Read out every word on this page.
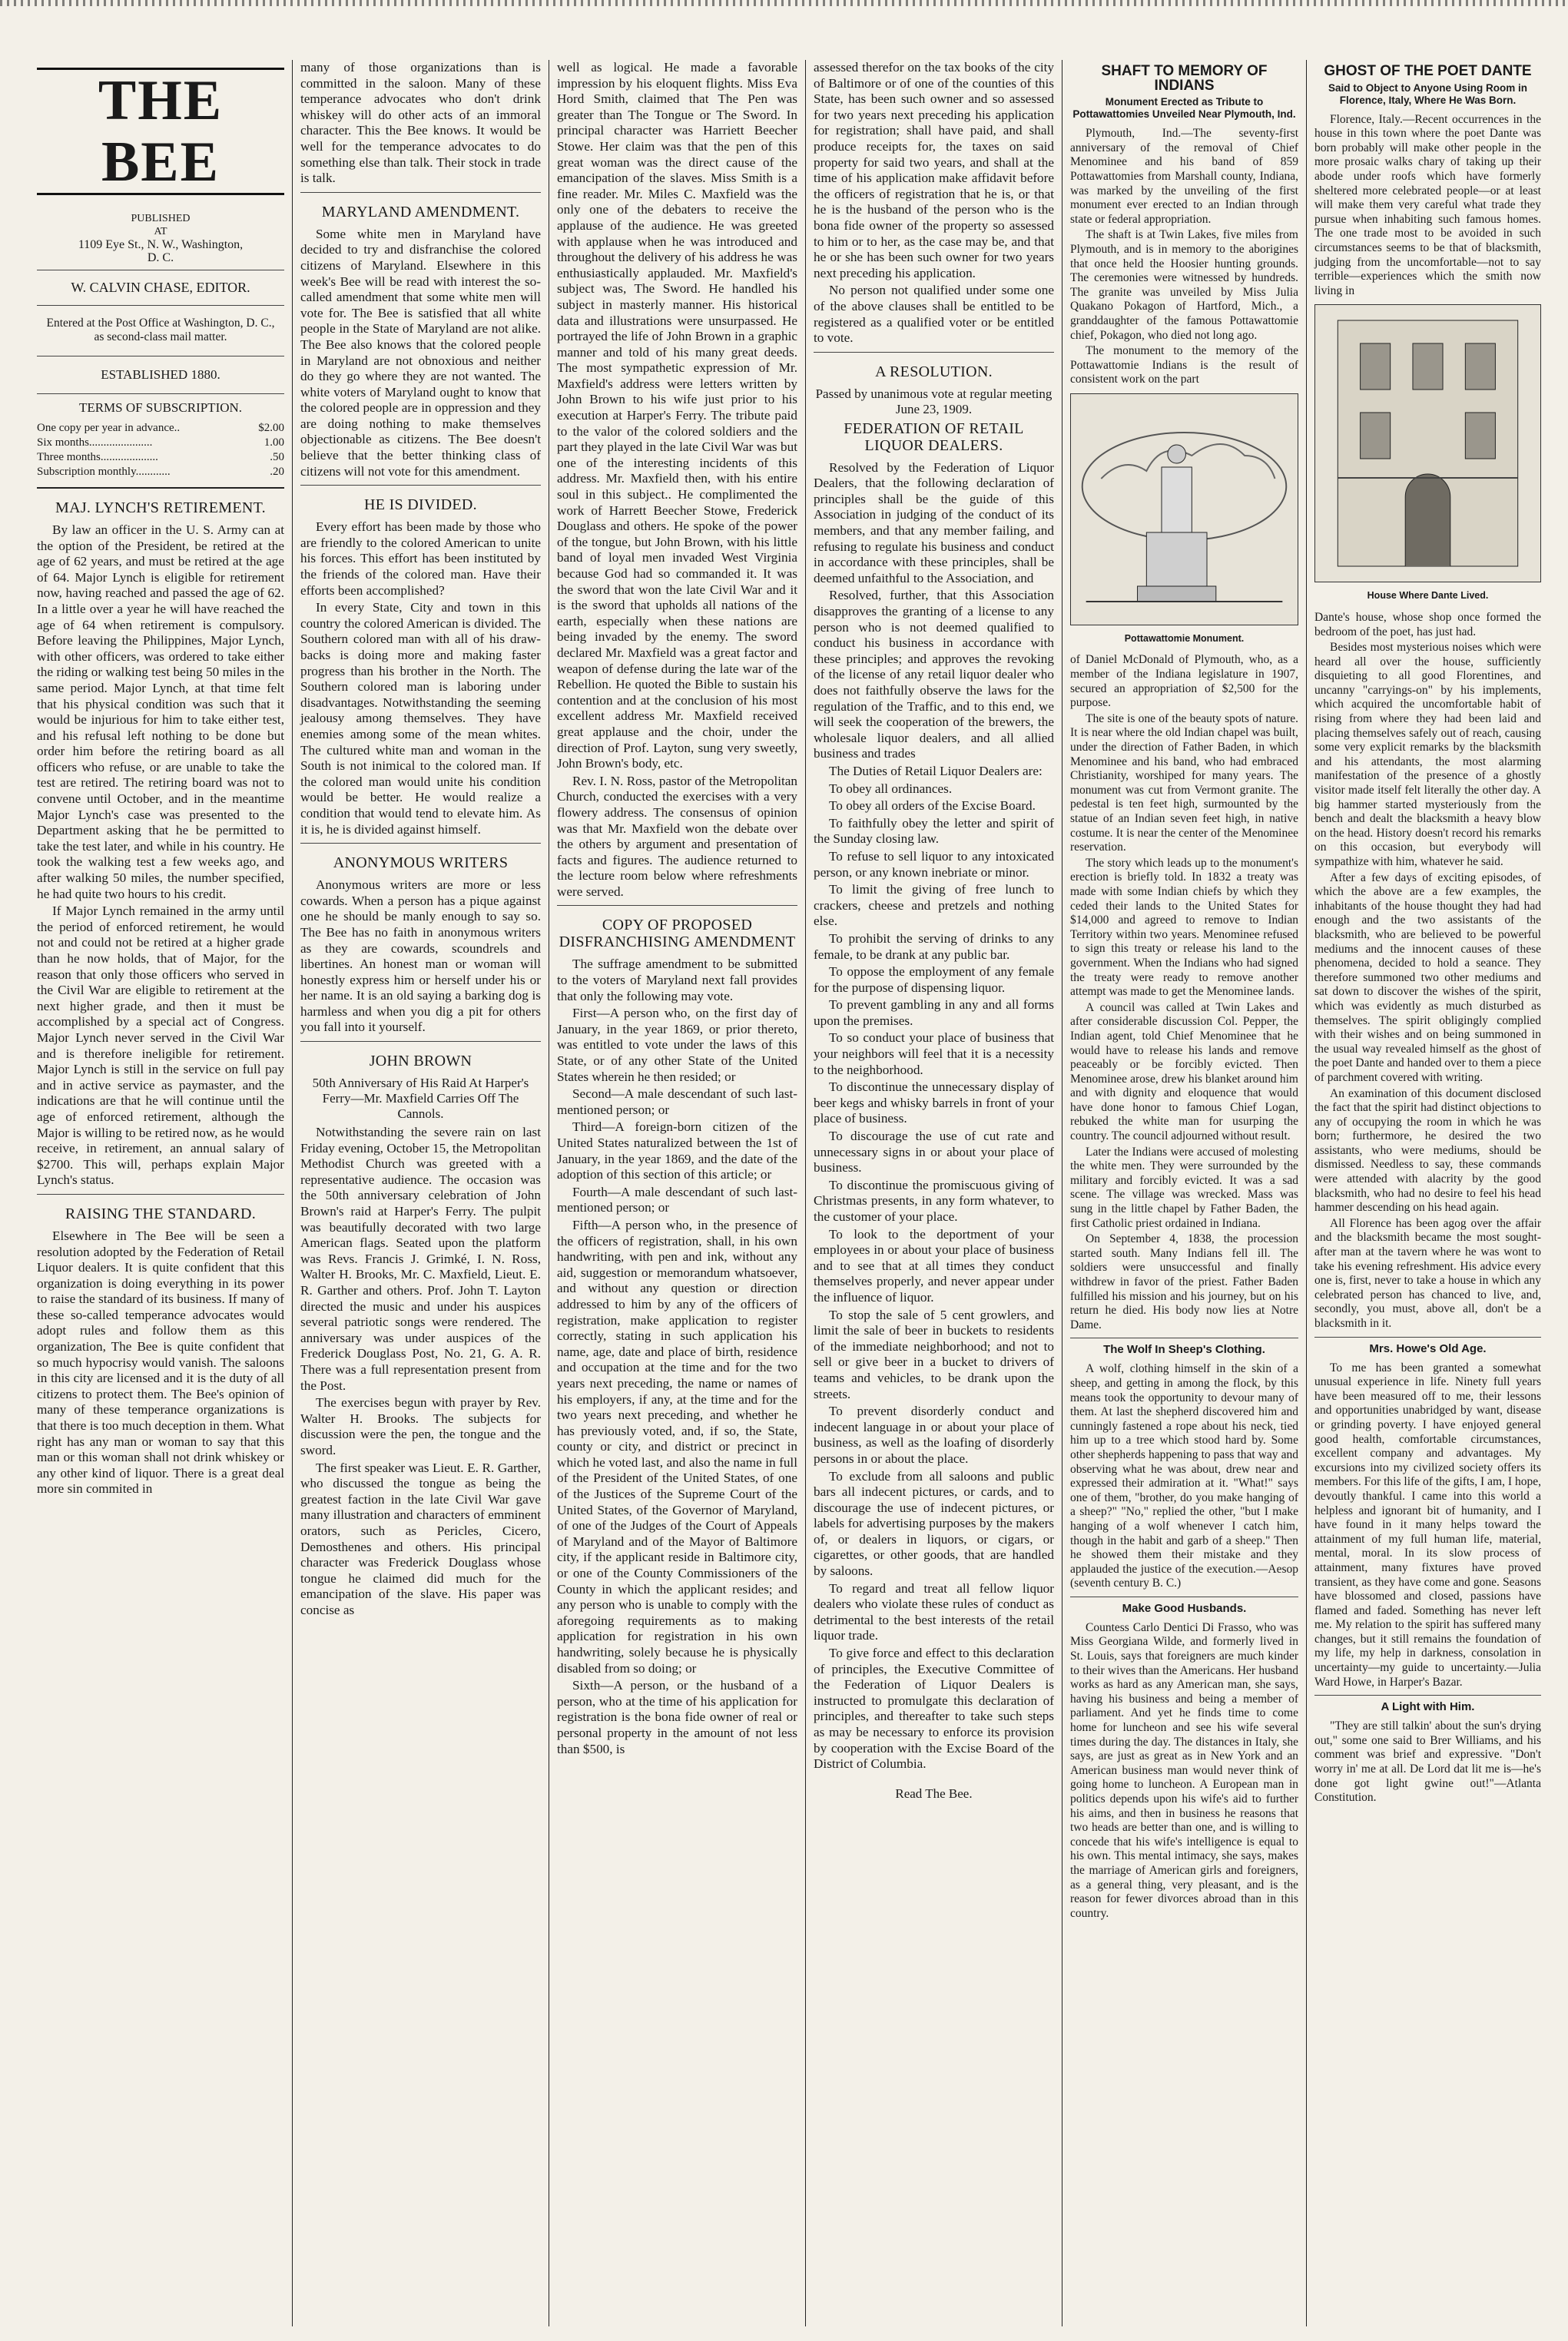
THE BEE
PUBLISHED
AT
1109 Eye St., N. W., Washington,
D. C.
W. CALVIN CHASE, EDITOR.
Entered at the Post Office at Washington, D. C., as second-class mail matter.
ESTABLISHED 1880.
TERMS OF SUBSCRIPTION.
One copy per year in advance..	$2.00
Six months......................	1.00
Three months....................	.50
Subscription monthly............	.20
MAJ. LYNCH'S RETIREMENT.

By law an officer in the U. S. Army can at the option of the President, be retired at the age of 62 years, and must be retired at the age of 64. Major Lynch is eligible for retirement now, having reached and passed the age of 62. In a little over a year he will have reached the age of 64 when retirement is compulsory. Before leaving the Philippines, Major Lynch, with other officers, was ordered to take either the riding or walking test being 50 miles in the same period. Major Lynch, at that time felt that his physical condition was such that it would be injurious for him to take either test, and his refusal left nothing to be done but order him before the retiring board as all officers who refuse, or are unable to take the test are retired. The retiring board was not to convene until October, and in the meantime Major Lynch's case was presented to the Department asking that he be permitted to take the test later, and while in his country. He took the walking test a few weeks ago, and after walking 50 miles, the number specified, he had quite two hours to his credit.

If Major Lynch remained in the army until the period of enforced retirement, he would not and could not be retired at a higher grade than he now holds, that of Major, for the reason that only those officers who served in the Civil War are eligible to retirement at the next higher grade, and then it must be accomplished by a special act of Congress. Major Lynch never served in the Civil War and is therefore ineligible for retirement. Major Lynch is still in the service on full pay and in active service as paymaster, and the indications are that he will continue until the age of enforced retirement, although the Major is willing to be retired now, as he would receive, in retirement, an annual salary of $2700. This will, perhaps explain Major Lynch's status.

RAISING THE STANDARD.

Elsewhere in The Bee will be seen a resolution adopted by the Federation of Retail Liquor dealers. It is quite confident that this organization is doing everything in its power to raise the standard of its business. If many of these so-called temperance advocates would adopt rules and follow them as this organization, The Bee is quite confident that so much hypocrisy would vanish. The saloons in this city are licensed and it is the duty of all citizens to protect them. The Bee's opinion of many of these temperance organizations is that there is too much deception in them. What right has any man or woman to say that this man or this woman shall not drink whiskey or any other kind of liquor. There is a great deal more sin commited in

many of those organizations than is committed in the saloon. Many of these temperance advocates who don't drink whiskey will do other acts of an immoral character. This the Bee knows. It would be well for the temperance advocates to do something else than talk. Their stock in trade is talk.

MARYLAND AMENDMENT.

Some white men in Maryland have decided to try and disfranchise the colored citizens of Maryland. Elsewhere in this week's Bee will be read with interest the so-called amendment that some white men will vote for. The Bee is satisfied that all white people in the State of Maryland are not alike. The Bee also knows that the colored people in Maryland are not obnoxious and neither do they go where they are not wanted. The white voters of Maryland ought to know that the colored people are in oppression and they are doing nothing to make themselves objectionable as citizens. The Bee doesn't believe that the better thinking class of citizens will not vote for this amendment.

HE IS DIVIDED.

Every effort has been made by those who are friendly to the colored American to unite his forces. This effort has been instituted by the friends of the colored man. Have their efforts been accomplished?

In every State, City and town in this country the colored American is divided. The Southern colored man with all of his draw-backs is doing more and making faster progress than his brother in the North. The Southern colored man is laboring under disadvantages. Notwithstanding the seeming jealousy among themselves. They have enemies among some of the mean whites. The cultured white man and woman in the South is not inimical to the colored man. If the colored man would unite his condition would be better. He would realize a condition that would tend to elevate him. As it is, he is divided against himself.

ANONYMOUS WRITERS

Anonymous writers are more or less cowards. When a person has a pique against one he should be manly enough to say so. The Bee has no faith in anonymous writers as they are cowards, scoundrels and libertines. An honest man or woman will honestly express him or herself under his or her name. It is an old saying a barking dog is harmless and when you dig a pit for others you fall into it yourself.

JOHN BROWN
50th Anniversary of His Raid At Harper's Ferry—Mr. Maxfield Carries Off The Cannols.

Notwithstanding the severe rain on last Friday evening, October 15, the Metropolitan Methodist Church was greeted with a representative audience. The occasion was the 50th anniversary celebration of John Brown's raid at Harper's Ferry. The pulpit was beautifully decorated with two large American flags. Seated upon the platform was Revs. Francis J. Grimké, I. N. Ross, Walter H. Brooks, Mr. C. Maxfield, Lieut. E. R. Garther and others. Prof. John T. Layton directed the music and under his auspices several patriotic songs were rendered. The anniversary was under auspices of the Frederick Douglass Post, No. 21, G. A. R. There was a full representation present from the Post.

The exercises begun with prayer by Rev. Walter H. Brooks. The subjects for discussion were the pen, the tongue and the sword.

The first speaker was Lieut. E. R. Garther, who discussed the tongue as being the greatest faction in the late Civil War gave many illustration and characters of emminent orators, such as Pericles, Cicero, Demosthenes and others. His principal character was Frederick Douglass whose tongue he claimed did much for the emancipation of the slave. His paper was concise as

well as logical. He made a favorable impression by his eloquent flights. Miss Eva Hord Smith, claimed that The Pen was greater than The Tongue or The Sword. In principal character was Harriett Beecher Stowe. Her claim was that the pen of this great woman was the direct cause of the emancipation of the slaves. Miss Smith is a fine reader. Mr. Miles C. Maxfield was the only one of the debaters to receive the applause of the audience. He was greeted with applause when he was introduced and throughout the delivery of his address he was enthusiastically applauded. Mr. Maxfield's subject was, The Sword. He handled his subject in masterly manner. His historical data and illustrations were unsurpassed. He portrayed the life of John Brown in a graphic manner and told of his many great deeds. The most sympathetic expression of Mr. Maxfield's address were letters written by John Brown to his wife just prior to his execution at Harper's Ferry. The tribute paid to the valor of the colored soldiers and the part they played in the late Civil War was but one of the interesting incidents of this address. Mr. Maxfield then, with his entire soul in this subject.. He complimented the work of Harrett Beecher Stowe, Frederick Douglass and others. He spoke of the power of the tongue, but John Brown, with his little band of loyal men invaded West Virginia because God had so commanded it. It was the sword that won the late Civil War and it is the sword that upholds all nations of the earth, especially when these nations are being invaded by the enemy. The sword declared Mr. Maxfield was a great factor and weapon of defense during the late war of the Rebellion. He quoted the Bible to sustain his contention and at the conclusion of his most excellent address Mr. Maxfield received great applause and the choir, under the direction of Prof. Layton, sung very sweetly, John Brown's body, etc.

Rev. I. N. Ross, pastor of the Metropolitan Church, conducted the exercises with a very flowery address. The consensus of opinion was that Mr. Maxfield won the debate over the others by argument and presentation of facts and figures. The audience returned to the lecture room below where refreshments were served.

COPY OF PROPOSED DISFRANCHISING AMENDMENT

The suffrage amendment to be submitted to the voters of Maryland next fall provides that only the following may vote.

First—A person who, on the first day of January, in the year 1869, or prior thereto, was entitled to vote under the laws of this State, or of any other State of the United States wherein he then resided; or

Second—A male descendant of such last-mentioned person; or

Third—A foreign-born citizen of the United States naturalized between the 1st of January, in the year 1869, and the date of the adoption of this section of this article; or

Fourth—A male descendant of such last-mentioned person; or

Fifth—A person who, in the presence of the officers of registration, shall, in his own handwriting, with pen and ink, without any aid, suggestion or memorandum whatsoever, and without any question or direction addressed to him by any of the officers of registration, make application to register correctly, stating in such application his name, age, date and place of birth, residence and occupation at the time and for the two years next preceding, the name or names of his employers, if any, at the time and for the two years next preceding, and whether he has previously voted, and, if so, the State, county or city, and district or precinct in which he voted last, and also the name in full of the President of the United States, of one of the Justices of the Supreme Court of the United States, of the Governor of Maryland, of one of the Judges of the Court of Appeals of Maryland and of the Mayor of Baltimore city, if the applicant reside in Baltimore city, or one of the County Commissioners of the County in which the applicant resides; and any person who is unable to comply with the aforegoing requirements as to making application for registration in his own handwriting, solely because he is physically disabled from so doing; or

Sixth—A person, or the husband of a person, who at the time of his application for registration is the bona fide owner of real or personal property in the amount of not less than $500, is

assessed therefor on the tax books of the city of Baltimore or of one of the counties of this State, has been such owner and so assessed for two years next preceding his application for registration; shall have paid, and shall produce receipts for, the taxes on said property for said two years, and shall at the time of his application make affidavit before the officers of registration that he is, or that he is the husband of the person who is the bona fide owner of the property so assessed to him or to her, as the case may be, and that he or she has been such owner for two years next preceding his application.

No person not qualified under some one of the above clauses shall be entitled to be registered as a qualified voter or be entitled to vote.

A RESOLUTION.
Passed by unanimous vote at regular meeting June 23, 1909.
FEDERATION OF RETAIL LIQUOR DEALERS.

Resolved by the Federation of Liquor Dealers, that the following declaration of principles shall be the guide of this Association in judging of the conduct of its members, and that any member failing, and refusing to regulate his business and conduct in accordance with these principles, shall be deemed unfaithful to the Association, and

Resolved, further, that this Association disapproves the granting of a license to any person who is not deemed qualified to conduct his business in accordance with these principles; and approves the revoking of the license of any retail liquor dealer who does not faithfully observe the laws for the regulation of the Traffic, and to this end, we will seek the cooperation of the brewers, the wholesale liquor dealers, and all allied business and trades

The Duties of Retail Liquor Dealers are:

To obey all ordinances.

To obey all orders of the Excise Board.

To faithfully obey the letter and spirit of the Sunday closing law.

To refuse to sell liquor to any intoxicated person, or any known inebriate or minor.

To limit the giving of free lunch to crackers, cheese and pretzels and nothing else.

To prohibit the serving of drinks to any female, to be drank at any public bar.

To oppose the employment of any female for the purpose of dispensing liquor.

To prevent gambling in any and all forms upon the premises.

To so conduct your place of business that your neighbors will feel that it is a necessity to the neighborhood.

To discontinue the unnecessary display of beer kegs and whisky barrels in front of your place of business.

To discourage the use of cut rate and unnecessary signs in or about your place of business.

To discontinue the promiscuous giving of Christmas presents, in any form whatever, to the customer of your place.

To look to the deportment of your employees in or about your place of business and to see that at all times they conduct themselves properly, and never appear under the influence of liquor.

To stop the sale of 5 cent growlers, and limit the sale of beer in buckets to residents of the immediate neighborhood; and not to sell or give beer in a bucket to drivers of teams and vehicles, to be drank upon the streets.

To prevent disorderly conduct and indecent language in or about your place of business, as well as the loafing of disorderly persons in or about the place.

To exclude from all saloons and public bars all indecent pictures, or cards, and to discourage the use of indecent pictures, or labels for advertising purposes by the makers of, or dealers in liquors, or cigars, or cigarettes, or other goods, that are handled by saloons.

To regard and treat all fellow liquor dealers who violate these rules of conduct as detrimental to the best interests of the retail liquor trade.

To give force and effect to this declaration of principles, the Executive Committee of the Federation of Liquor Dealers is instructed to promulgate this declaration of principles, and thereafter to take such steps as may be necessary to enforce its provision by cooperation with the Excise Board of the District of Columbia.

Read The Bee.
SHAFT TO MEMORY OF INDIANS
Monument Erected as Tribute to Pottawattomies Unveiled Near Plymouth, Ind.

Plymouth, Ind.—The seventy-first anniversary of the removal of Chief Menominee and his band of 859 Pottawattomies from Marshall county, Indiana, was marked by the unveiling of the first monument ever erected to an Indian through state or federal appropriation.

The shaft is at Twin Lakes, five miles from Plymouth, and is in memory to the aborigines that once held the Hoosier hunting grounds. The ceremonies were witnessed by hundreds. The granite was unveiled by Miss Julia Quakano Pokagon of Hartford, Mich., a granddaughter of the famous Pottawattomie chief, Pokagon, who died not long ago.

The monument to the memory of the Pottawattomie Indians is the result of consistent work on the part

Pottawattomie Monument.

of Daniel McDonald of Plymouth, who, as a member of the Indiana legislature in 1907, secured an appropriation of $2,500 for the purpose.

The site is one of the beauty spots of nature. It is near where the old Indian chapel was built, under the direction of Father Baden, in which Menominee and his band, who had embraced Christianity, worshiped for many years. The monument was cut from Vermont granite. The pedestal is ten feet high, surmounted by the statue of an Indian seven feet high, in native costume. It is near the center of the Menominee reservation.

The story which leads up to the monument's erection is briefly told. In 1832 a treaty was made with some Indian chiefs by which they ceded their lands to the United States for $14,000 and agreed to remove to Indian Territory within two years. Menominee refused to sign this treaty or release his land to the government. When the Indians who had signed the treaty were ready to remove another attempt was made to get the Menominee lands.

A council was called at Twin Lakes and after considerable discussion Col. Pepper, the Indian agent, told Chief Menominee that he would have to release his lands and remove peaceably or be forcibly evicted. Then Menominee arose, drew his blanket around him and with dignity and eloquence that would have done honor to famous Chief Logan, rebuked the white man for usurping the country. The council adjourned without result.

Later the Indians were accused of molesting the white men. They were surrounded by the military and forcibly evicted. It was a sad scene. The village was wrecked. Mass was sung in the little chapel by Father Baden, the first Catholic priest ordained in Indiana.

On September 4, 1838, the procession started south. Many Indians fell ill. The soldiers were unsuccessful and finally withdrew in favor of the priest. Father Baden fulfilled his mission and his journey, but on his return he died. His body now lies at Notre Dame.

The Wolf In Sheep's Clothing.

A wolf, clothing himself in the skin of a sheep, and getting in among the flock, by this means took the opportunity to devour many of them. At last the shepherd discovered him and cunningly fastened a rope about his neck, tied him up to a tree which stood hard by. Some other shepherds happening to pass that way and observing what he was about, drew near and expressed their admiration at it. "What!" says one of them, "brother, do you make hanging of a sheep?" "No," replied the other, "but I make hanging of a wolf whenever I catch him, though in the habit and garb of a sheep." Then he showed them their mistake and they applauded the justice of the execution.—Aesop (seventh century B. C.)

Make Good Husbands.

Countess Carlo Dentici Di Frasso, who was Miss Georgiana Wilde, and formerly lived in St. Louis, says that foreigners are much kinder to their wives than the Americans. Her husband works as hard as any American man, she says, having his business and being a member of parliament. And yet he finds time to come home for luncheon and see his wife several times during the day. The distances in Italy, she says, are just as great as in New York and an American business man would never think of going home to luncheon. A European man in politics depends upon his wife's aid to further his aims, and then in business he reasons that two heads are better than one, and is willing to concede that his wife's intelligence is equal to his own. This mental intimacy, she says, makes the marriage of American girls and foreigners, as a general thing, very pleasant, and is the reason for fewer divorces abroad than in this country.

GHOST OF THE POET DANTE
Said to Object to Anyone Using Room in Florence, Italy, Where He Was Born.

Florence, Italy.—Recent occurrences in the house in this town where the poet Dante was born probably will make other people in the more prosaic walks chary of taking up their abode under roofs which have formerly sheltered more celebrated people—or at least will make them very careful what trade they pursue when inhabiting such famous homes. The one trade most to be avoided in such circumstances seems to be that of blacksmith, judging from the uncomfortable—not to say terrible—experiences which the smith now living in

House Where Dante Lived.

Dante's house, whose shop once formed the bedroom of the poet, has just had.

Besides most mysterious noises which were heard all over the house, sufficiently disquieting to all good Florentines, and uncanny "carryings-on" by his implements, which acquired the uncomfortable habit of rising from where they had been laid and placing themselves safely out of reach, causing some very explicit remarks by the blacksmith and his attendants, the most alarming manifestation of the presence of a ghostly visitor made itself felt literally the other day. A big hammer started mysteriously from the bench and dealt the blacksmith a heavy blow on the head. History doesn't record his remarks on this occasion, but everybody will sympathize with him, whatever he said.

After a few days of exciting episodes, of which the above are a few examples, the inhabitants of the house thought they had had enough and the two assistants of the blacksmith, who are believed to be powerful mediums and the innocent causes of these phenomena, decided to hold a seance. They therefore summoned two other mediums and sat down to discover the wishes of the spirit, which was evidently as much disturbed as themselves. The spirit obligingly complied with their wishes and on being summoned in the usual way revealed himself as the ghost of the poet Dante and handed over to them a piece of parchment covered with writing.

An examination of this document disclosed the fact that the spirit had distinct objections to any of occupying the room in which he was born; furthermore, he desired the two assistants, who were mediums, should be dismissed. Needless to say, these commands were attended with alacrity by the good blacksmith, who had no desire to feel his head hammer descending on his head again.

All Florence has been agog over the affair and the blacksmith became the most sought-after man at the tavern where he was wont to take his evening refreshment. His advice every one is, first, never to take a house in which any celebrated person has chanced to live, and, secondly, you must, above all, don't be a blacksmith in it.

Mrs. Howe's Old Age.

To me has been granted a somewhat unusual experience in life. Ninety full years have been measured off to me, their lessons and opportunities unabridged by want, disease or grinding poverty. I have enjoyed general good health, comfortable circumstances, excellent company and advantages. My excursions into my civilized society offers its members. For this life of the gifts, I am, I hope, devoutly thankful. I came into this world a helpless and ignorant bit of humanity, and I have found in it many helps toward the attainment of my full human life, material, mental, moral. In its slow process of attainment, many fixtures have proved transient, as they have come and gone. Seasons have blossomed and closed, passions have flamed and faded. Something has never left me. My relation to the spirit has suffered many changes, but it still remains the foundation of my life, my help in darkness, consolation in uncertainty—my guide to uncertainty.—Julia Ward Howe, in Harper's Bazar.

A Light with Him.

"They are still talkin' about the sun's drying out," some one said to Brer Williams, and his comment was brief and expressive. "Don't worry in' me at all. De Lord dat lit me is—he's done got light gwine out!"—Atlanta Constitution.
